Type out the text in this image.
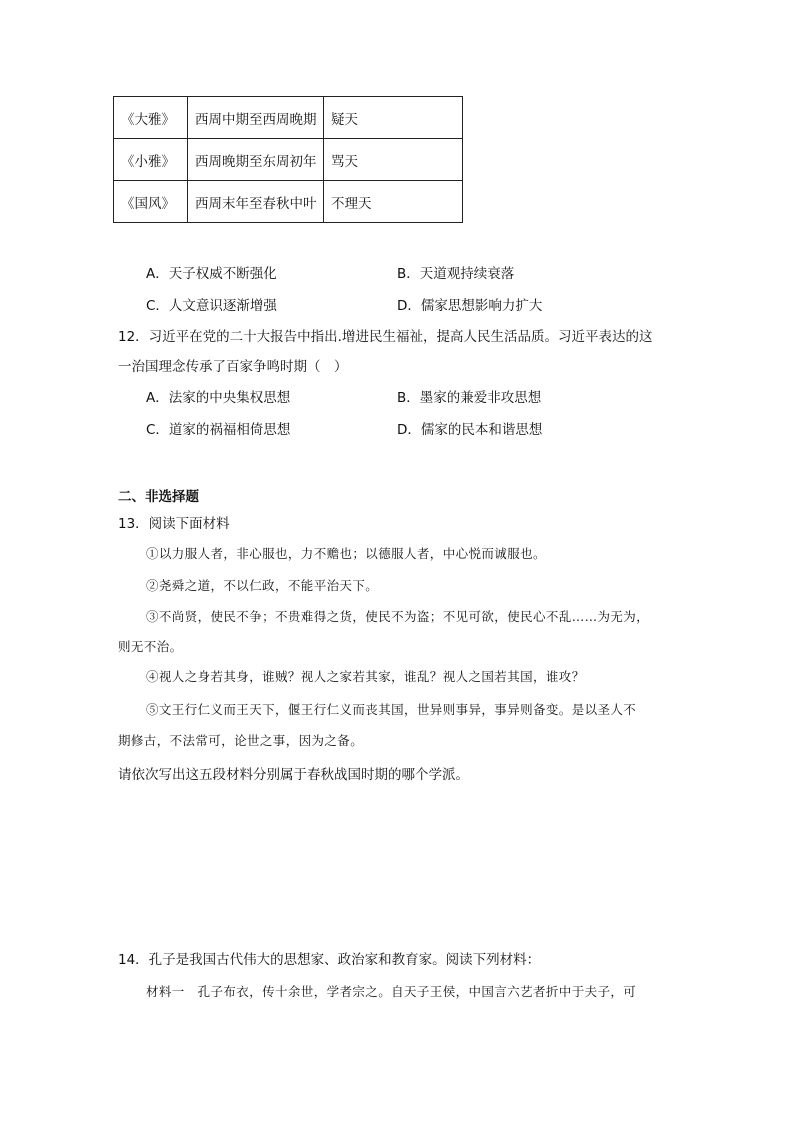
《大雅》	西周中期至西周晚期	疑天
《小雅》	西周晚期至东周初年	骂天
《国风》	西周末年至春秋中叶	不理天
A．天子权威不断强化	B．天道观持续衰落
C．人文意识逐渐增强	D．儒家思想影响力扩大
12．习近平在党的二十大报告中指出.增进民生福祉，提高人民生活品质。习近平表达的这
一治国理念传承了百家争鸣时期（　）
A．法家的中央集权思想	B．墨家的兼爱非攻思想
C．道家的祸福相倚思想	D．儒家的民本和谐思想
二、非选择题
13．阅读下面材料
①以力服人者，非心服也，力不赡也；以德服人者，中心悦而诚服也。
②尧舜之道，不以仁政，不能平治天下。
③不尚贤，使民不争；不贵难得之货，使民不为盗；不见可欲，使民心不乱……为无为，
则无不治。
④视人之身若其身，谁贼？视人之家若其家，谁乱？视人之国若其国，谁攻？
⑤文王行仁义而王天下，偃王行仁义而丧其国，世异则事异，事异则备变。是以圣人不
期修古，不法常可，论世之事，因为之备。
请依次写出这五段材料分别属于春秋战国时期的哪个学派。
14．孔子是我国古代伟大的思想家、政治家和教育家。阅读下列材料：
材料一　孔子布衣，传十余世，学者宗之。自天子王侯，中国言六艺者折中于夫子，可
